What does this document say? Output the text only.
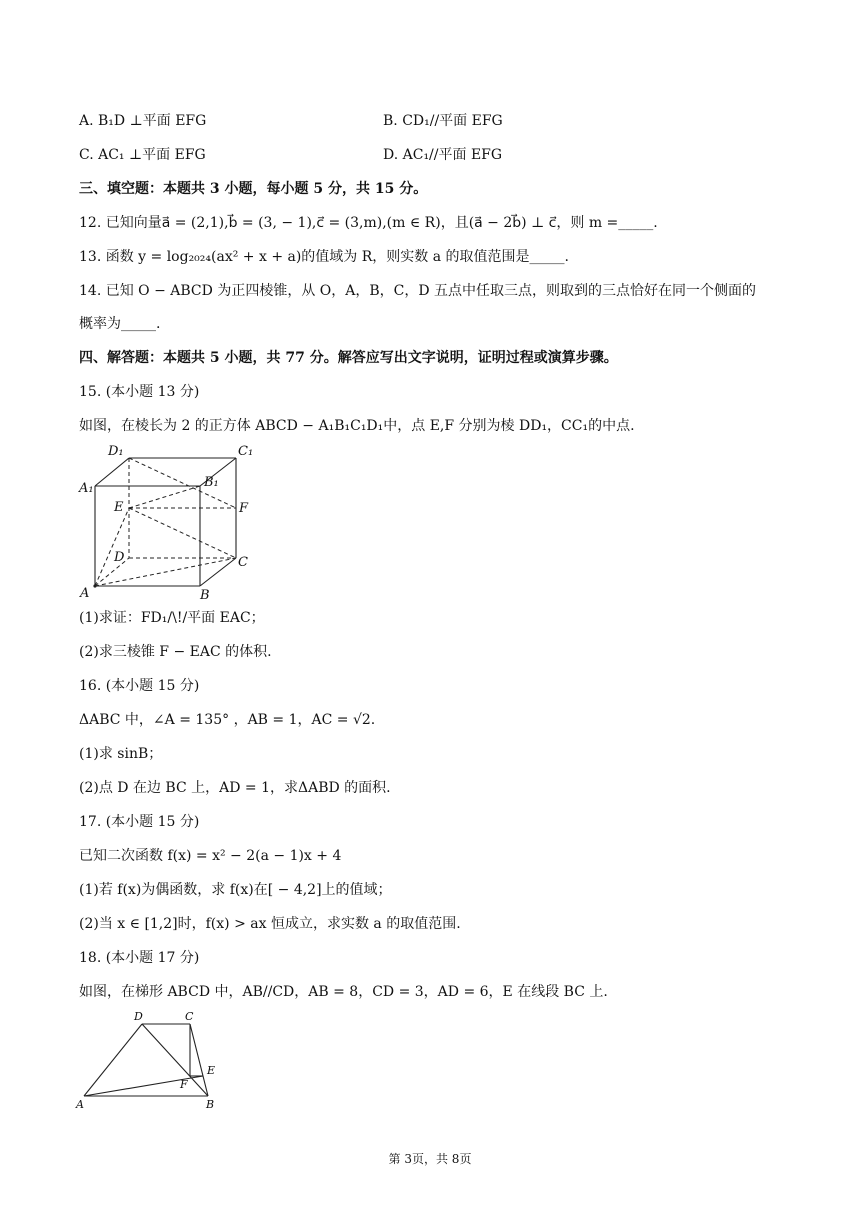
A. B₁D ⊥平面 EFG	B. CD₁//平面 EFG
C. AC₁ ⊥平面 EFG	D. AC₁//平面 EFG
三、填空题：本题共 3 小题，每小题 5 分，共 15 分。
12. 已知向量a⃗ = (2,1),b⃗ = (3, − 1),c⃗ = (3,m),(m ∈ R)，且(a⃗ − 2b⃗) ⊥ c⃗，则 m =_____.
13. 函数 y = log₂₀₂₄(ax² + x + a)的值域为 R，则实数 a 的取值范围是_____.
14. 已知 O − ABCD 为正四棱锥，从 O，A，B，C，D 五点中任取三点，则取到的三点恰好在同一个侧面的
概率为_____.
四、解答题：本题共 5 小题，共 77 分。解答应写出文字说明，证明过程或演算步骤。
15. (本小题 13 分)
如图，在棱长为 2 的正方体 ABCD − A₁B₁C₁D₁中，点 E,F 分别为棱 DD₁，CC₁的中点.
D₁	C₁
A₁	B₁
E	F
D	C
A	B
(1)求证：FD₁/\!/平面 EAC；
(2)求三棱锥 F − EAC 的体积.
16. (本小题 15 分)
ΔABC 中，∠A = 135° ，AB = 1，AC = √2.
(1)求 sinB；
(2)点 D 在边 BC 上，AD = 1，求ΔABD 的面积.
17. (本小题 15 分)
已知二次函数 f(x) = x² − 2(a − 1)x + 4
(1)若 f(x)为偶函数，求 f(x)在[ − 4,2]上的值域；
(2)当 x ∈ [1,2]时，f(x) > ax 恒成立，求实数 a 的取值范围.
18. (本小题 17 分)
如图，在梯形 ABCD 中，AB//CD，AB = 8，CD = 3，AD = 6，E 在线段 BC 上.
D	C
E
F
A	B
第 3页，共 8页
